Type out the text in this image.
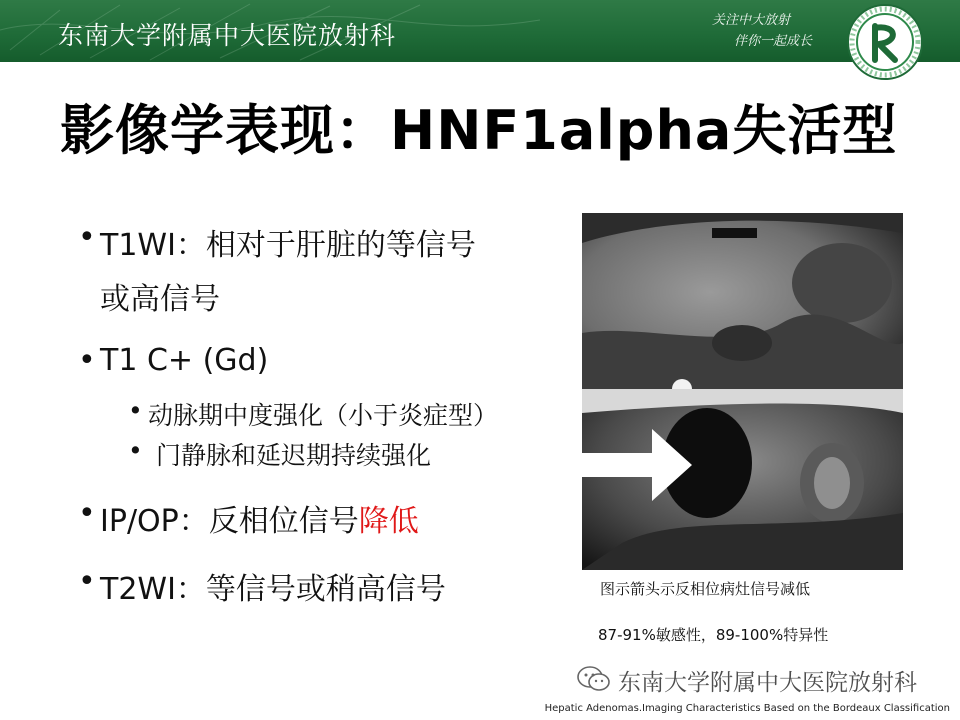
东南大学附属中大医院放射科
关注中大放射
伴你一起成长
影像学表现：HNF1alpha失活型
• T1WI：相对于肝脏的等信号
或高信号
• T1 C+ (Gd)
• 动脉期中度强化（小于炎症型）
• 门静脉和延迟期持续强化
• IP/OP：反相位信号降低
• T2WI：等信号或稍高信号	图示箭头示反相位病灶信号减低
87-91%敏感性，89-100%特异性
东南大学附属中大医院放射科
Hepatic Adenomas.Imaging Characteristics Based on the Bordeaux Classification
